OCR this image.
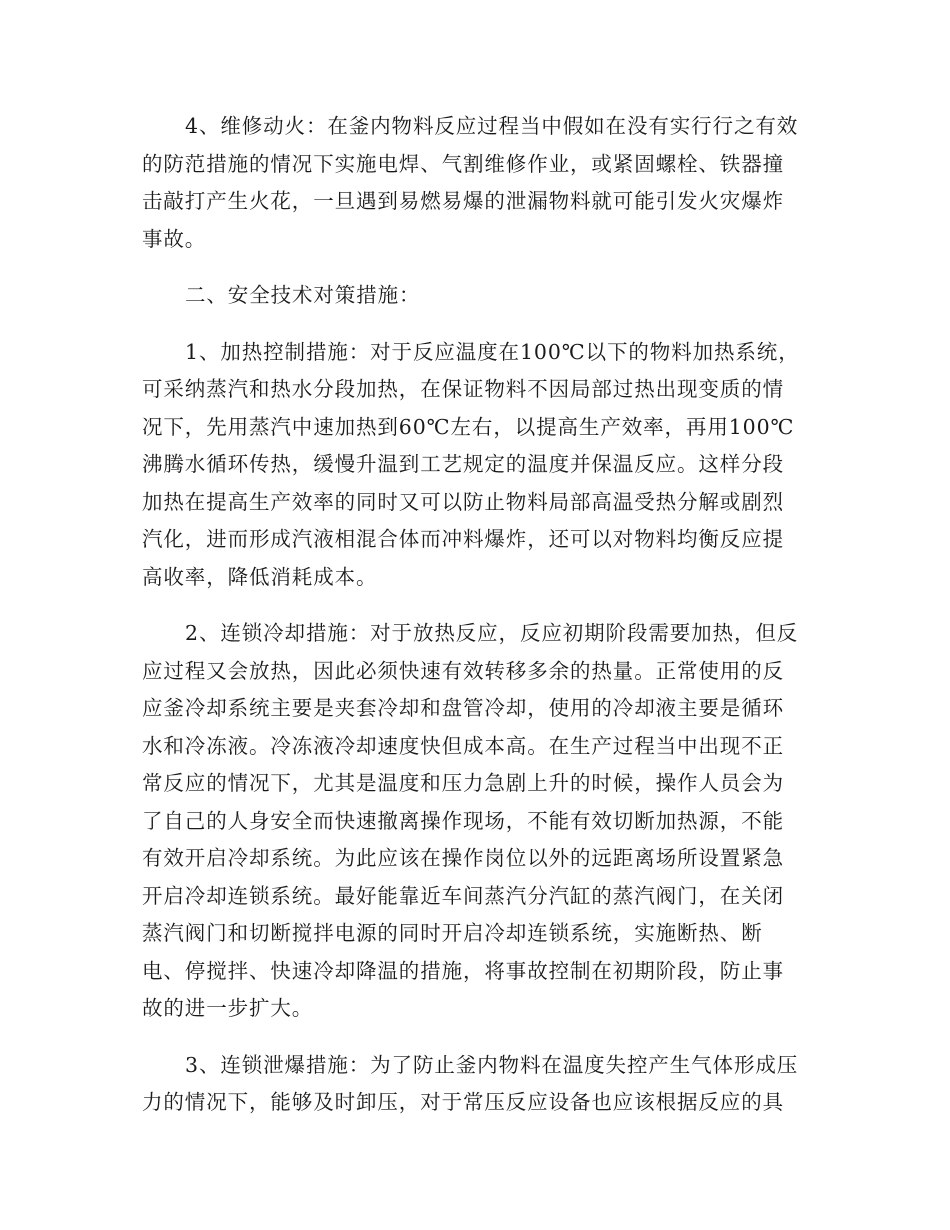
4、维修动火：在釜内物料反应过程当中假如在没有实行行之有效
的防范措施的情况下实施电焊、气割维修作业，或紧固螺栓、铁器撞
击敲打产生火花，一旦遇到易燃易爆的泄漏物料就可能引发火灾爆炸
事故。
二、安全技术对策措施：
1、加热控制措施：对于反应温度在100℃以下的物料加热系统，
可采纳蒸汽和热水分段加热，在保证物料不因局部过热出现变质的情
况下，先用蒸汽中速加热到60℃左右，以提高生产效率，再用100℃
沸腾水循环传热，缓慢升温到工艺规定的温度并保温反应。这样分段
加热在提高生产效率的同时又可以防止物料局部高温受热分解或剧烈
汽化，进而形成汽液相混合体而冲料爆炸，还可以对物料均衡反应提
高收率，降低消耗成本。
2、连锁冷却措施：对于放热反应，反应初期阶段需要加热，但反
应过程又会放热，因此必须快速有效转移多余的热量。正常使用的反
应釜冷却系统主要是夹套冷却和盘管冷却，使用的冷却液主要是循环
水和冷冻液。冷冻液冷却速度快但成本高。在生产过程当中出现不正
常反应的情况下，尤其是温度和压力急剧上升的时候，操作人员会为
了自己的人身安全而快速撤离操作现场，不能有效切断加热源，不能
有效开启冷却系统。为此应该在操作岗位以外的远距离场所设置紧急
开启冷却连锁系统。最好能靠近车间蒸汽分汽缸的蒸汽阀门，在关闭
蒸汽阀门和切断搅拌电源的同时开启冷却连锁系统，实施断热、断
电、停搅拌、快速冷却降温的措施，将事故控制在初期阶段，防止事
故的进一步扩大。
3、连锁泄爆措施：为了防止釜内物料在温度失控产生气体形成压
力的情况下，能够及时卸压，对于常压反应设备也应该根据反应的具
